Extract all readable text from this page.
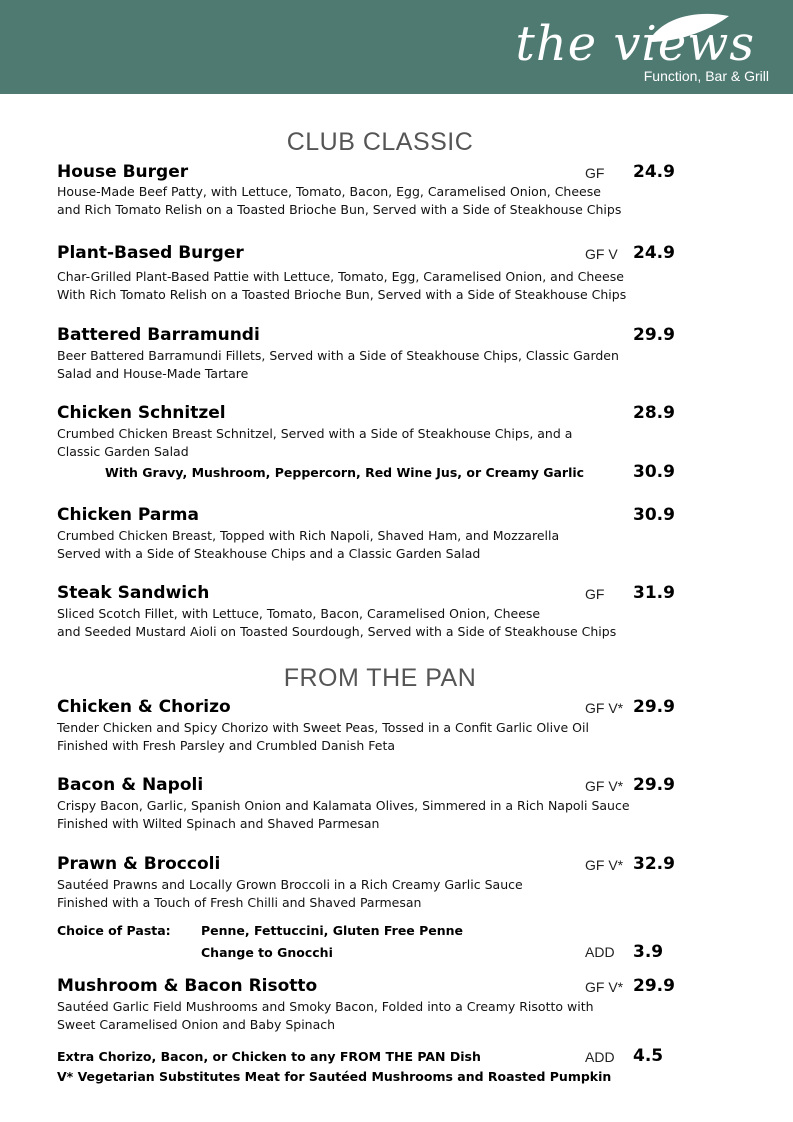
the views
Function, Bar & Grill
CLUB CLASSIC
House Burger	GF 24.9
House-Made Beef Patty, with Lettuce, Tomato, Bacon, Egg, Caramelised Onion, Cheese
and Rich Tomato Relish on a Toasted Brioche Bun, Served with a Side of Steakhouse Chips
Plant-Based Burger	GF V 24.9
Char-Grilled Plant-Based Pattie with Lettuce, Tomato, Egg, Caramelised Onion, and Cheese
With Rich Tomato Relish on a Toasted Brioche Bun, Served with a Side of Steakhouse Chips
Battered Barramundi	29.9
Beer Battered Barramundi Fillets, Served with a Side of Steakhouse Chips, Classic Garden
Salad and House-Made Tartare
Chicken Schnitzel	28.9
Crumbed Chicken Breast Schnitzel, Served with a Side of Steakhouse Chips, and a
Classic Garden Salad
With Gravy, Mushroom, Peppercorn, Red Wine Jus, or Creamy Garlic	30.9
Chicken Parma	30.9
Crumbed Chicken Breast, Topped with Rich Napoli, Shaved Ham, and Mozzarella
Served with a Side of Steakhouse Chips and a Classic Garden Salad
Steak Sandwich	GF 31.9
Sliced Scotch Fillet, with Lettuce, Tomato, Bacon, Caramelised Onion, Cheese
and Seeded Mustard Aioli on Toasted Sourdough, Served with a Side of Steakhouse Chips
FROM THE PAN
Chicken & Chorizo	GF V* 29.9
Tender Chicken and Spicy Chorizo with Sweet Peas, Tossed in a Confit Garlic Olive Oil
Finished with Fresh Parsley and Crumbled Danish Feta
Bacon & Napoli	GF V* 29.9
Crispy Bacon, Garlic, Spanish Onion and Kalamata Olives, Simmered in a Rich Napoli Sauce
Finished with Wilted Spinach and Shaved Parmesan
Prawn & Broccoli	GF V* 32.9
Sautéed Prawns and Locally Grown Broccoli in a Rich Creamy Garlic Sauce
Finished with a Touch of Fresh Chilli and Shaved Parmesan
Choice of Pasta: Penne, Fettuccini, Gluten Free Penne
Change to Gnocchi	ADD 3.9
Mushroom & Bacon Risotto	GF V* 29.9
Sautéed Garlic Field Mushrooms and Smoky Bacon, Folded into a Creamy Risotto with
Sweet Caramelised Onion and Baby Spinach
Extra Chorizo, Bacon, or Chicken to any FROM THE PAN Dish	ADD 4.5
V* Vegetarian Substitutes Meat for Sautéed Mushrooms and Roasted Pumpkin
